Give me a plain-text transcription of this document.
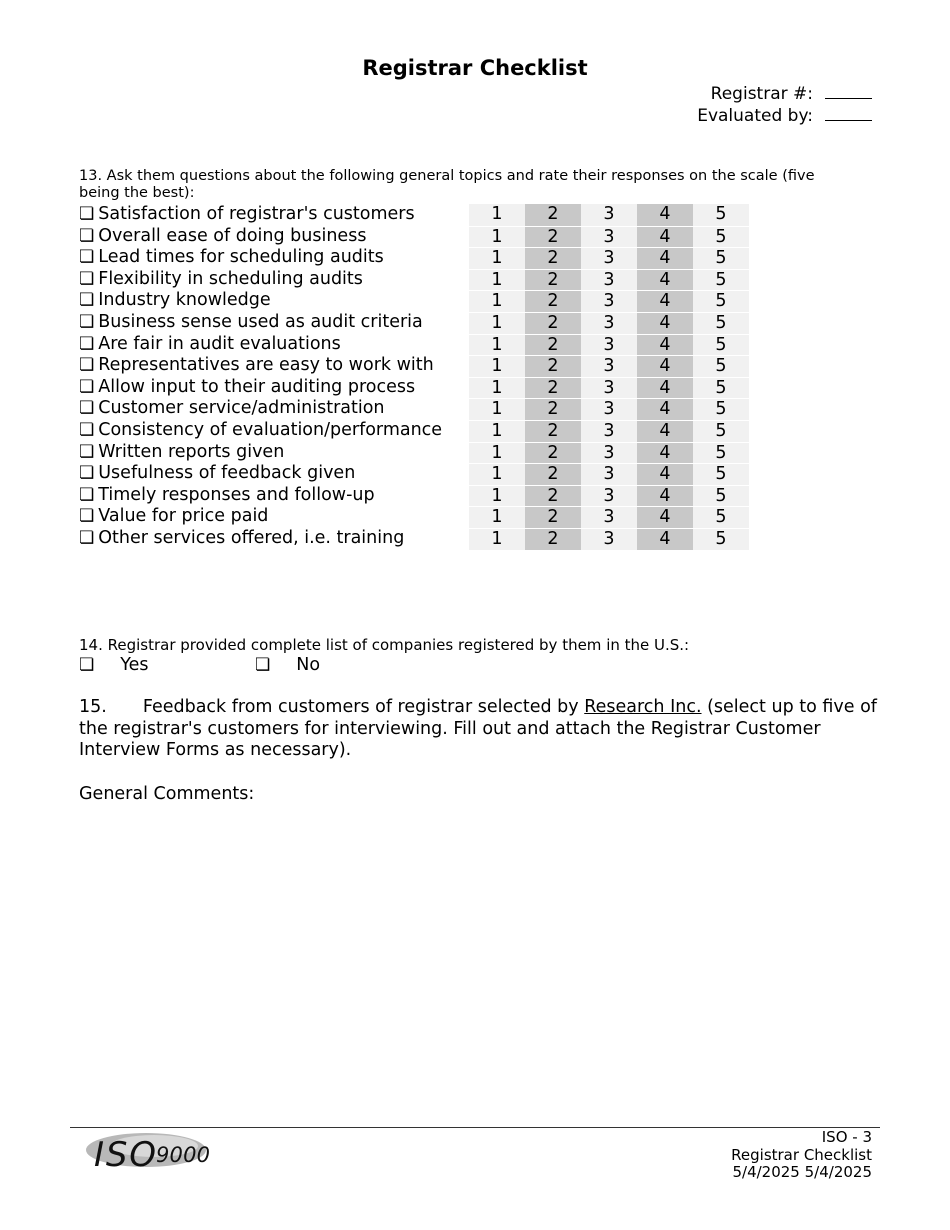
Registrar Checklist
Registrar #:
Evaluated by:
13. Ask them questions about the following general topics and rate their responses on the scale (five being the best):
❏ Satisfaction of registrar's customers	1	2	3	4	5
❏ Overall ease of doing business	1	2	3	4	5
❏ Lead times for scheduling audits	1	2	3	4	5
❏ Flexibility in scheduling audits	1	2	3	4	5
❏ Industry knowledge	1	2	3	4	5
❏ Business sense used as audit criteria	1	2	3	4	5
❏ Are fair in audit evaluations	1	2	3	4	5
❏ Representatives are easy to work with	1	2	3	4	5
❏ Allow input to their auditing process	1	2	3	4	5
❏ Customer service/administration	1	2	3	4	5
❏ Consistency of evaluation/performance	1	2	3	4	5
❏ Written reports given	1	2	3	4	5
❏ Usefulness of feedback given	1	2	3	4	5
❏ Timely responses and follow-up	1	2	3	4	5
❏ Value for price paid	1	2	3	4	5
❏ Other services offered, i.e. training	1	2	3	4	5
14. Registrar provided complete list of companies registered by them in the U.S.:
❏ Yes	❏ No
15. Feedback from customers of registrar selected by Research Inc. (select up to five of the registrar's customers for interviewing. Fill out and attach the Registrar Customer Interview Forms as necessary).
General Comments:
ISO 9000
ISO - 3
Registrar Checklist
5/4/2025 5/4/2025
